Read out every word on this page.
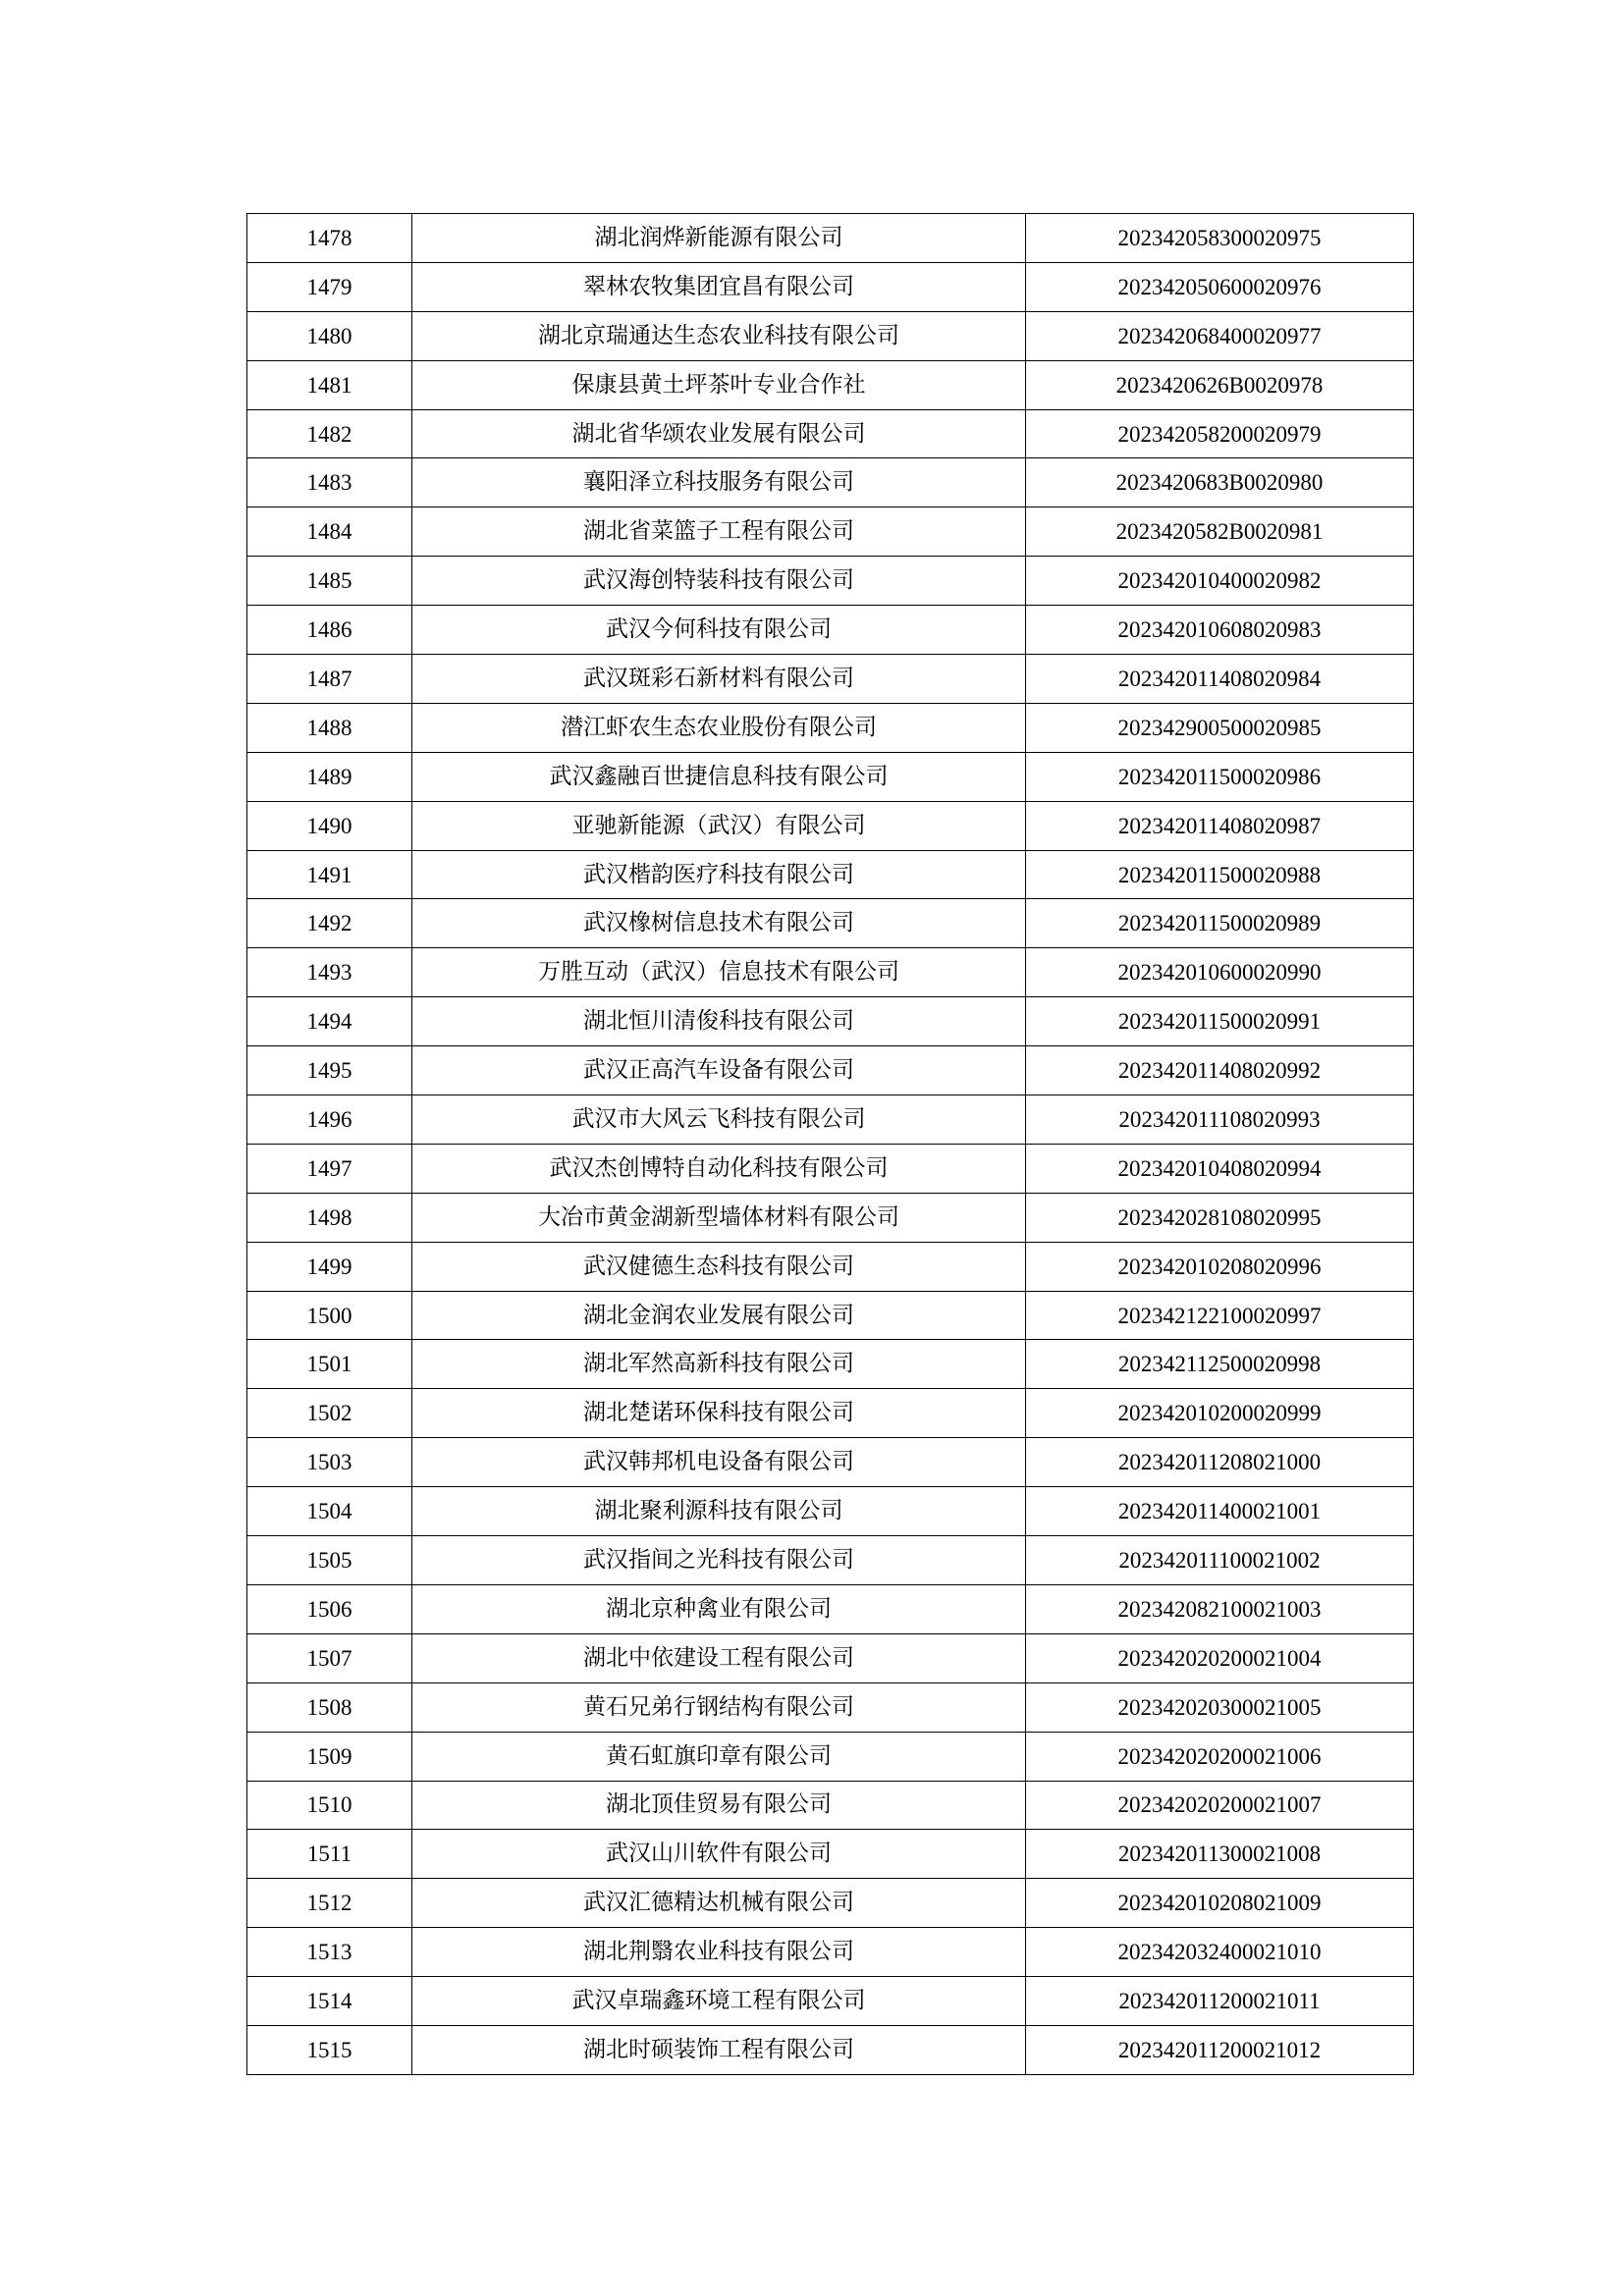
1478	湖北润烨新能源有限公司	202342058300020975
1479	翠林农牧集团宜昌有限公司	202342050600020976
1480	湖北京瑞通达生态农业科技有限公司	202342068400020977
1481	保康县黄土坪茶叶专业合作社	2023420626B0020978
1482	湖北省华颂农业发展有限公司	202342058200020979
1483	襄阳泽立科技服务有限公司	2023420683B0020980
1484	湖北省菜篮子工程有限公司	2023420582B0020981
1485	武汉海创特装科技有限公司	202342010400020982
1486	武汉今何科技有限公司	202342010608020983
1487	武汉斑彩石新材料有限公司	202342011408020984
1488	潜江虾农生态农业股份有限公司	202342900500020985
1489	武汉鑫融百世捷信息科技有限公司	202342011500020986
1490	亚驰新能源（武汉）有限公司	202342011408020987
1491	武汉楷韵医疗科技有限公司	202342011500020988
1492	武汉橡树信息技术有限公司	202342011500020989
1493	万胜互动（武汉）信息技术有限公司	202342010600020990
1494	湖北恒川清俊科技有限公司	202342011500020991
1495	武汉正高汽车设备有限公司	202342011408020992
1496	武汉市大风云飞科技有限公司	202342011108020993
1497	武汉杰创博特自动化科技有限公司	202342010408020994
1498	大冶市黄金湖新型墙体材料有限公司	202342028108020995
1499	武汉健德生态科技有限公司	202342010208020996
1500	湖北金润农业发展有限公司	202342122100020997
1501	湖北军然高新科技有限公司	202342112500020998
1502	湖北楚诺环保科技有限公司	202342010200020999
1503	武汉韩邦机电设备有限公司	202342011208021000
1504	湖北聚利源科技有限公司	202342011400021001
1505	武汉指间之光科技有限公司	202342011100021002
1506	湖北京种禽业有限公司	202342082100021003
1507	湖北中依建设工程有限公司	202342020200021004
1508	黄石兄弟行钢结构有限公司	202342020300021005
1509	黄石虹旗印章有限公司	202342020200021006
1510	湖北顶佳贸易有限公司	202342020200021007
1511	武汉山川软件有限公司	202342011300021008
1512	武汉汇德精达机械有限公司	202342010208021009
1513	湖北荆翳农业科技有限公司	202342032400021010
1514	武汉卓瑞鑫环境工程有限公司	202342011200021011
1515	湖北时硕装饰工程有限公司	202342011200021012
